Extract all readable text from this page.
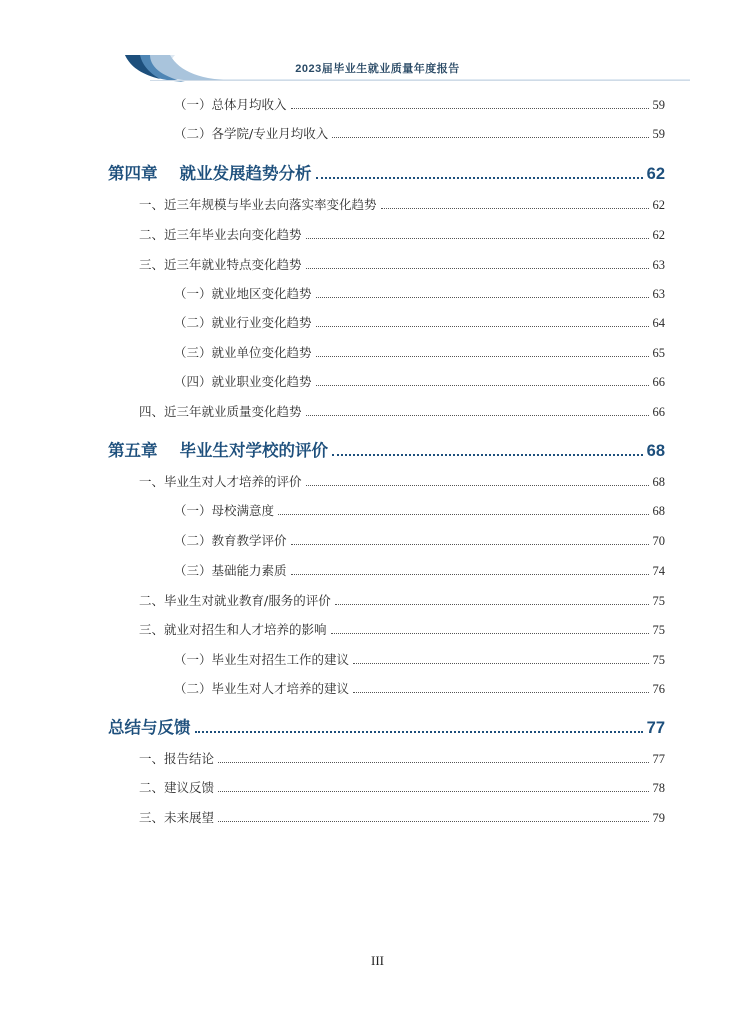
2023届毕业生就业质量年度报告
（一）总体月均收入	59
（二）各学院/专业月均收入	59
第四章 就业发展趋势分析	62
一、近三年规模与毕业去向落实率变化趋势	62
二、近三年毕业去向变化趋势	62
三、近三年就业特点变化趋势	63
（一）就业地区变化趋势	63
（二）就业行业变化趋势	64
（三）就业单位变化趋势	65
（四）就业职业变化趋势	66
四、近三年就业质量变化趋势	66
第五章 毕业生对学校的评价	68
一、毕业生对人才培养的评价	68
（一）母校满意度	68
（二）教育教学评价	70
（三）基础能力素质	74
二、毕业生对就业教育/服务的评价	75
三、就业对招生和人才培养的影响	75
（一）毕业生对招生工作的建议	75
（二）毕业生对人才培养的建议	76
总结与反馈	77
一、报告结论	77
二、建议反馈	78
三、未来展望	79
III
